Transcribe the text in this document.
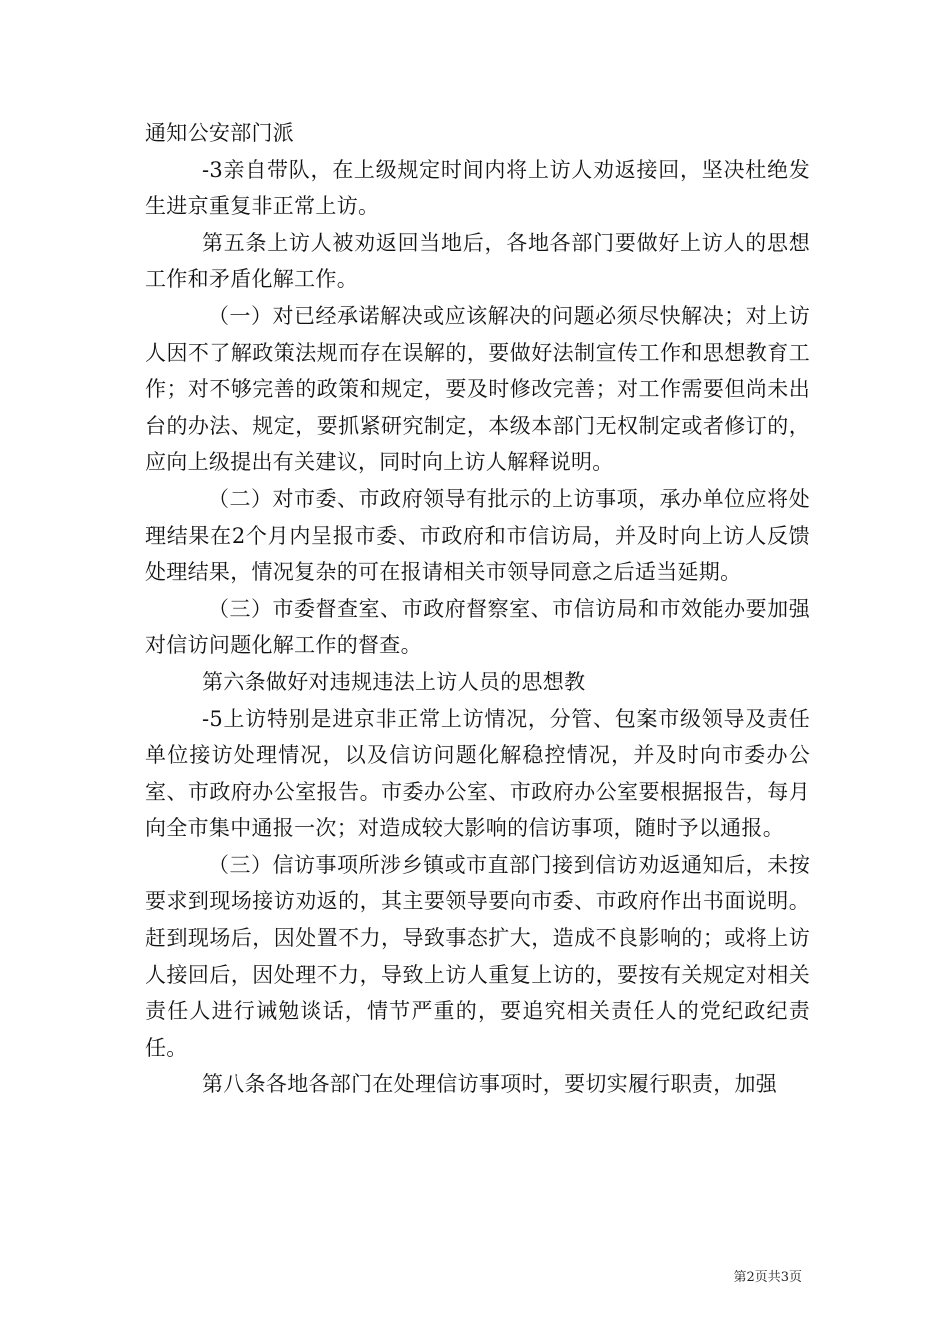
通知公安部门派

-3亲自带队，在上级规定时间内将上访人劝返接回，坚决杜绝发生进京重复非正常上访。

第五条上访人被劝返回当地后，各地各部门要做好上访人的思想工作和矛盾化解工作。

（一）对已经承诺解决或应该解决的问题必须尽快解决；对上访人因不了解政策法规而存在误解的，要做好法制宣传工作和思想教育工作；对不够完善的政策和规定，要及时修改完善；对工作需要但尚未出台的办法、规定，要抓紧研究制定，本级本部门无权制定或者修订的，应向上级提出有关建议，同时向上访人解释说明。

（二）对市委、市政府领导有批示的上访事项，承办单位应将处理结果在2个月内呈报市委、市政府和市信访局，并及时向上访人反馈处理结果，情况复杂的可在报请相关市领导同意之后适当延期。

（三）市委督查室、市政府督察室、市信访局和市效能办要加强对信访问题化解工作的督查。

第六条做好对违规违法上访人员的思想教

-5上访特别是进京非正常上访情况，分管、包案市级领导及责任单位接访处理情况，以及信访问题化解稳控情况，并及时向市委办公室、市政府办公室报告。市委办公室、市政府办公室要根据报告，每月向全市集中通报一次；对造成较大影响的信访事项，随时予以通报。

（三）信访事项所涉乡镇或市直部门接到信访劝返通知后，未按要求到现场接访劝返的，其主要领导要向市委、市政府作出书面说明。赶到现场后，因处置不力，导致事态扩大，造成不良影响的；或将上访人接回后，因处理不力，导致上访人重复上访的，要按有关规定对相关责任人进行诫勉谈话，情节严重的，要追究相关责任人的党纪政纪责任。

第八条各地各部门在处理信访事项时，要切实履行职责，加强

第2页共3页
